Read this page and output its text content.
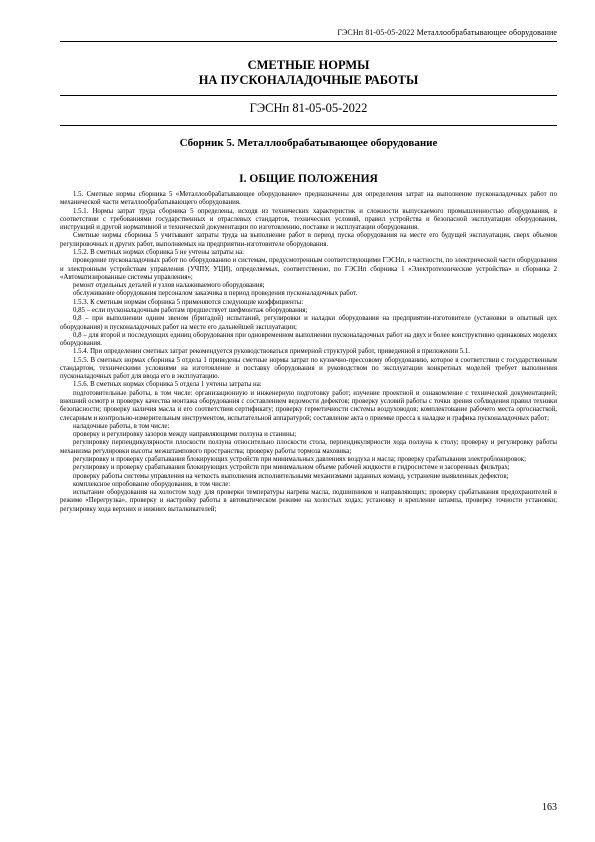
ГЭСНп 81-05-05-2022 Металлообрабатывающее оборудование
СМЕТНЫЕ НОРМЫ
НА ПУСКОНАЛАДОЧНЫЕ РАБОТЫ
ГЭСНп 81-05-05-2022
Сборник 5. Металлообрабатывающее оборудование
I. ОБЩИЕ ПОЛОЖЕНИЯ

1.5. Сметные нормы сборника 5 «Металлообрабатывающее оборудование» предназначены для определения затрат на выполнение пусконаладочных работ по механической части металлообрабатывающего оборудования.

1.5.1. Нормы затрат труда сборника 5 определены, исходя из технических характеристик и сложности выпускаемого промышленностью оборудования, в соответствии с требованиями государственных и отраслевых стандартов, технических условий, правил устройства и безопасной эксплуатации оборудования, инструкций и другой нормативной и технической документации по изготовлению, поставке и эксплуатации оборудования.

Сметные нормы сборника 5 учитывают затраты труда на выполнение работ в период пуска оборудования на месте его будущей эксплуатации, сверх объемов регулировочных и других работ, выполняемых на предприятии-изготовителе оборудования.

1.5.2. В сметных нормах сборника 5 не учтены затраты на:

проведение пусконаладочных работ по оборудованию и системам, предусмотренным соответствующими ГЭСНп, в частности, по электрической части оборудования и электронным устройствам управления (УЧПУ, УЦИ), определяемых, соответственно, по ГЭСНп сборника 1 «Электротехнические устройства» и сборника 2 «Автоматизированные системы управления»;

ремонт отдельных деталей и узлов налаживаемого оборудования;

обслуживание оборудования персоналом заказчика в период проведения пусконаладочных работ.

1.5.3. К сметным нормам сборника 5 применяются следующие коэффициенты:

0,85 – если пусконаладочным работам предшествует шефмонтаж оборудования;

0,8 – при выполнении одним звеном (бригадой) испытаний, регулировки и наладки оборудования на предприятии-изготовителе (установки в опытный цех оборудования) и пусконаладочных работ на месте его дальнейшей эксплуатации;

0,8 – для второй и последующих единиц оборудования при одновременном выполнении пусконаладочных работ на двух и более конструктивно одинаковых моделях оборудования.

1.5.4. При определении сметных затрат рекомендуется руководствоваться примерной структурой работ, приведенной в приложении 5.1.

1.5.5. В сметных нормах сборника 5 отдела 1 приведены сметные нормы затрат по кузнечно-прессовому оборудованию, которое в соответствии с государственным стандартом, техническими условиями на изготовление и поставку оборудования и руководством по эксплуатации конкретных моделей требует выполнения пусконаладочных работ для ввода его в эксплуатацию.

1.5.6. В сметных нормах сборника 5 отдела 1 учтены затраты на:

подготовительные работы, в том числе: организационную и инженерную подготовку работ; изучение проектной и ознакомление с технической документацией; внешний осмотр и проверку качества монтажа оборудования с составлением ведомости дефектов; проверку условий работы с точки зрения соблюдения правил техники безопасности; проверку наличия масла и его соответствия сертификату; проверку герметичности системы воздуховодов; комплектование рабочего места оргоснасткой, слесарным и контрольно-измерительным инструментом, испытательной аппаратурой; составление акта о приемке пресса к наладке и графика пусконаладочных работ;

наладочные работы, в том числе:

проверку и регулировку зазоров между направляющими ползуна и станины;

регулировку перпендикулярности плоскости ползуна относительно плоскости стола, перпендикулярности хода ползуна к столу; проверку и регулировку работы механизма регулировки высоты межштампового пространства; проверку работы тормоза маховика;

регулировку и проверку срабатывания блокирующих устройств при минимальных давлениях воздуха и масла; проверку срабатывания электроблокировок;

регулировку и проверку срабатывания блокирующих устройств при минимальном объеме рабочей жидкости в гидросистеме и засоренных фильтрах;

проверку работы системы управления на четкость выполнения исполнительными механизмами заданных команд, устранение выявленных дефектов;

комплексное опробование оборудования, в том числе:

испытание оборудования на холостом ходу для проверки температуры нагрева масла, подшипников и направляющих; проверку срабатывания предохранителей в режиме «Перегрузка», проверку и настройку работы в автоматическом режиме на холостых ходах; установку и крепление штампа, проверку точности установки; регулировку хода верхних и нижних выталкивателей;

163
